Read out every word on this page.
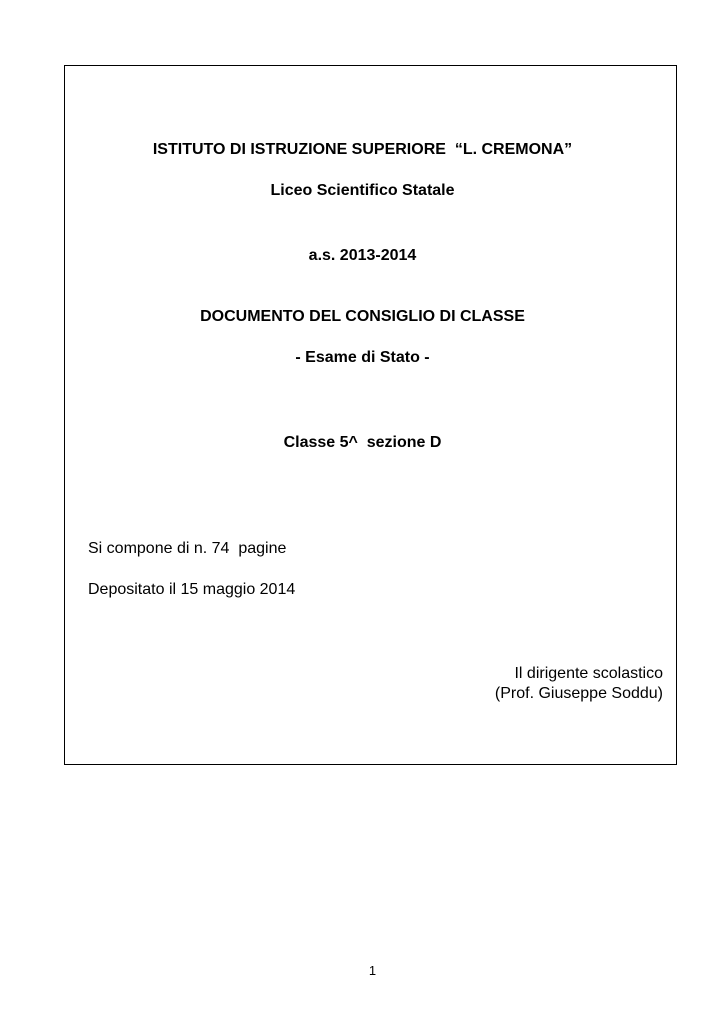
ISTITUTO DI ISTRUZIONE SUPERIORE  “L. CREMONA”
Liceo Scientifico Statale
a.s. 2013-2014
DOCUMENTO DEL CONSIGLIO DI CLASSE
- Esame di Stato -
Classe 5^  sezione D
Si compone di n. 74  pagine
Depositato il 15 maggio 2014
Il dirigente scolastico
(Prof. Giuseppe Soddu)
1
